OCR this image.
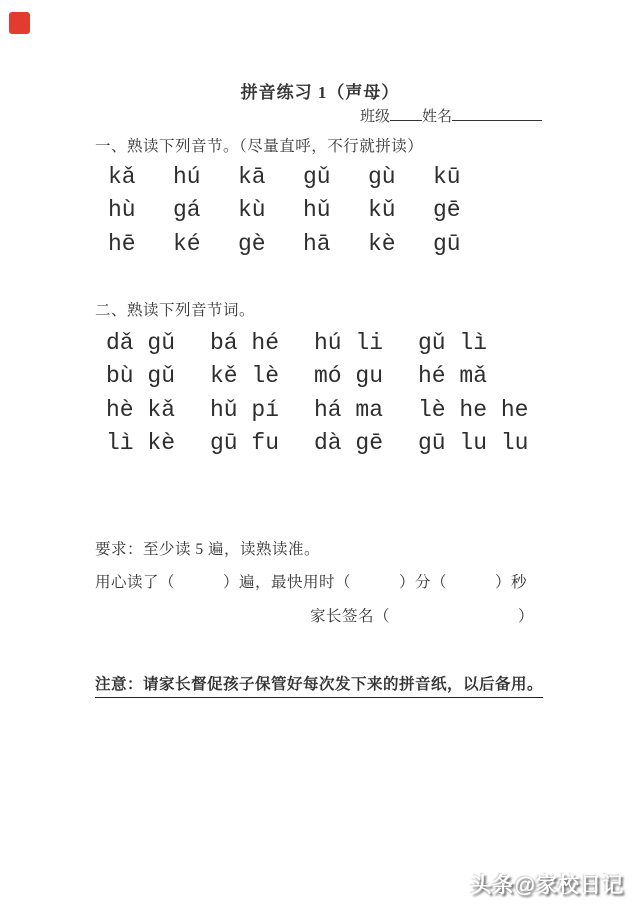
拼音练习 1（声母）
班级 姓名
一、熟读下列音节。（尽量直呼，不行就拼读）
kǎ	hú	kā	gǔ	gù	kū
hù	gá	kù	hǔ	kǔ	gē
hē	ké	gè	hā	kè	gū
二、熟读下列音节词。
dǎ gǔ	bá hé	hú li	gǔ lì
bù gǔ	kě lè	mó gu	hé mǎ
hè kǎ	hǔ pí	há ma	lè he he
lì kè	gū fu	dà gē	gū lu lu
要求：至少读 5 遍，读熟读准。
用心读了（　　　）遍，最快用时（　　　）分（　　　）秒
家长签名（　　　　　　　　）
注意：请家长督促孩子保管好每次发下来的拼音纸，以后备用。
头条@家校日记
